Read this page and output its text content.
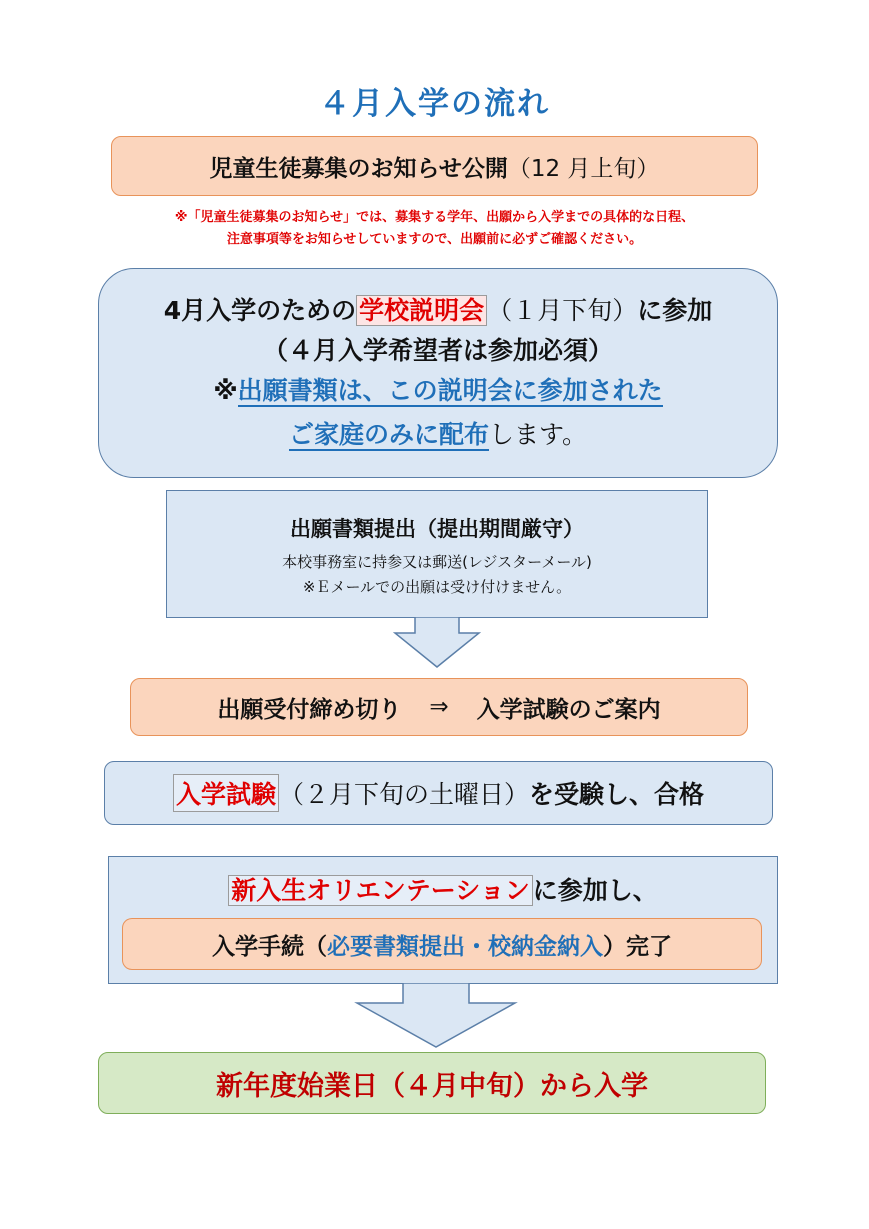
４月入学の流れ
児童生徒募集のお知らせ公開 （12 月上旬）
※「児童生徒募集のお知らせ」では、募集する学年、出願から入学までの具体的な日程、
注意事項等をお知らせしていますので、出願前に必ずご確認ください。
4月入学のための 学校説明会 （１月下旬）に参加
（４月入学希望者は参加必須）
※出願書類は、この説明会に参加された
ご家庭のみに配布します。
出願書類提出（提出期間厳守）
本校事務室に持参又は郵送(レジスターメール)
※Ｅメールでの出願は受け付けません。
出願受付締め切り ⇒ 入学試験のご案内
入学試験 （２月下旬の土曜日） を受験し、合格
新入生オリエンテーション に参加し、
入学手続（ 必要書類提出・校納金納入 ）完了
新年度始業日（４月中旬）から入学
